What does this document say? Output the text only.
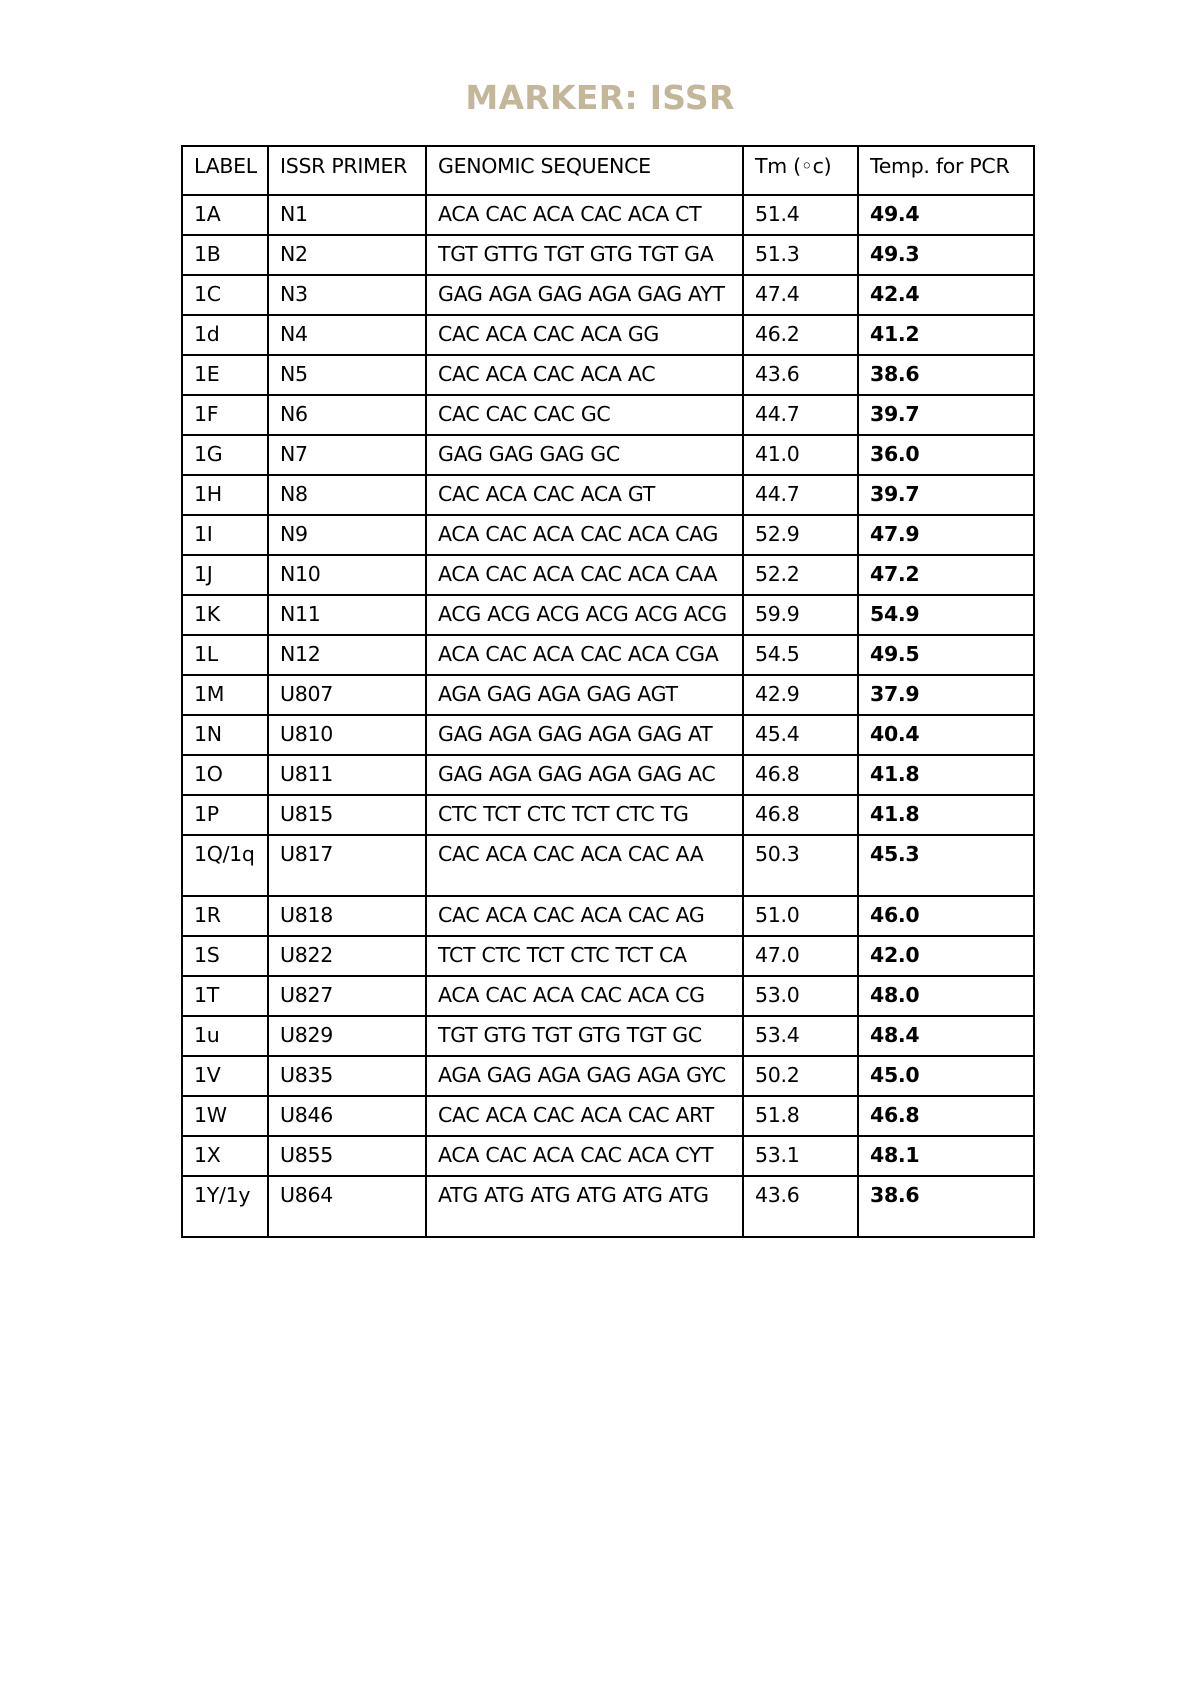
MARKER: ISSR
LABEL	ISSR PRIMER	GENOMIC SEQUENCE	Tm (◦c)	Temp. for PCR
1A	N1	ACA CAC ACA CAC ACA CT	51.4	49.4
1B	N2	TGT GTTG TGT GTG TGT GA	51.3	49.3
1C	N3	GAG AGA GAG AGA GAG AYT	47.4	42.4
1d	N4	CAC ACA CAC ACA GG	46.2	41.2
1E	N5	CAC ACA CAC ACA AC	43.6	38.6
1F	N6	CAC CAC CAC GC	44.7	39.7
1G	N7	GAG GAG GAG GC	41.0	36.0
1H	N8	CAC ACA CAC ACA GT	44.7	39.7
1I	N9	ACA CAC ACA CAC ACA CAG	52.9	47.9
1J	N10	ACA CAC ACA CAC ACA CAA	52.2	47.2
1K	N11	ACG ACG ACG ACG ACG ACG	59.9	54.9
1L	N12	ACA CAC ACA CAC ACA CGA	54.5	49.5
1M	U807	AGA GAG AGA GAG AGT	42.9	37.9
1N	U810	GAG AGA GAG AGA GAG AT	45.4	40.4
1O	U811	GAG AGA GAG AGA GAG AC	46.8	41.8
1P	U815	CTC TCT CTC TCT CTC TG	46.8	41.8
1Q/1q	U817	CAC ACA CAC ACA CAC AA	50.3	45.3
1R	U818	CAC ACA CAC ACA CAC AG	51.0	46.0
1S	U822	TCT CTC TCT CTC TCT CA	47.0	42.0
1T	U827	ACA CAC ACA CAC ACA CG	53.0	48.0
1u	U829	TGT GTG TGT GTG TGT GC	53.4	48.4
1V	U835	AGA GAG AGA GAG AGA GYC	50.2	45.0
1W	U846	CAC ACA CAC ACA CAC ART	51.8	46.8
1X	U855	ACA CAC ACA CAC ACA CYT	53.1	48.1
1Y/1y	U864	ATG ATG ATG ATG ATG ATG	43.6	38.6
